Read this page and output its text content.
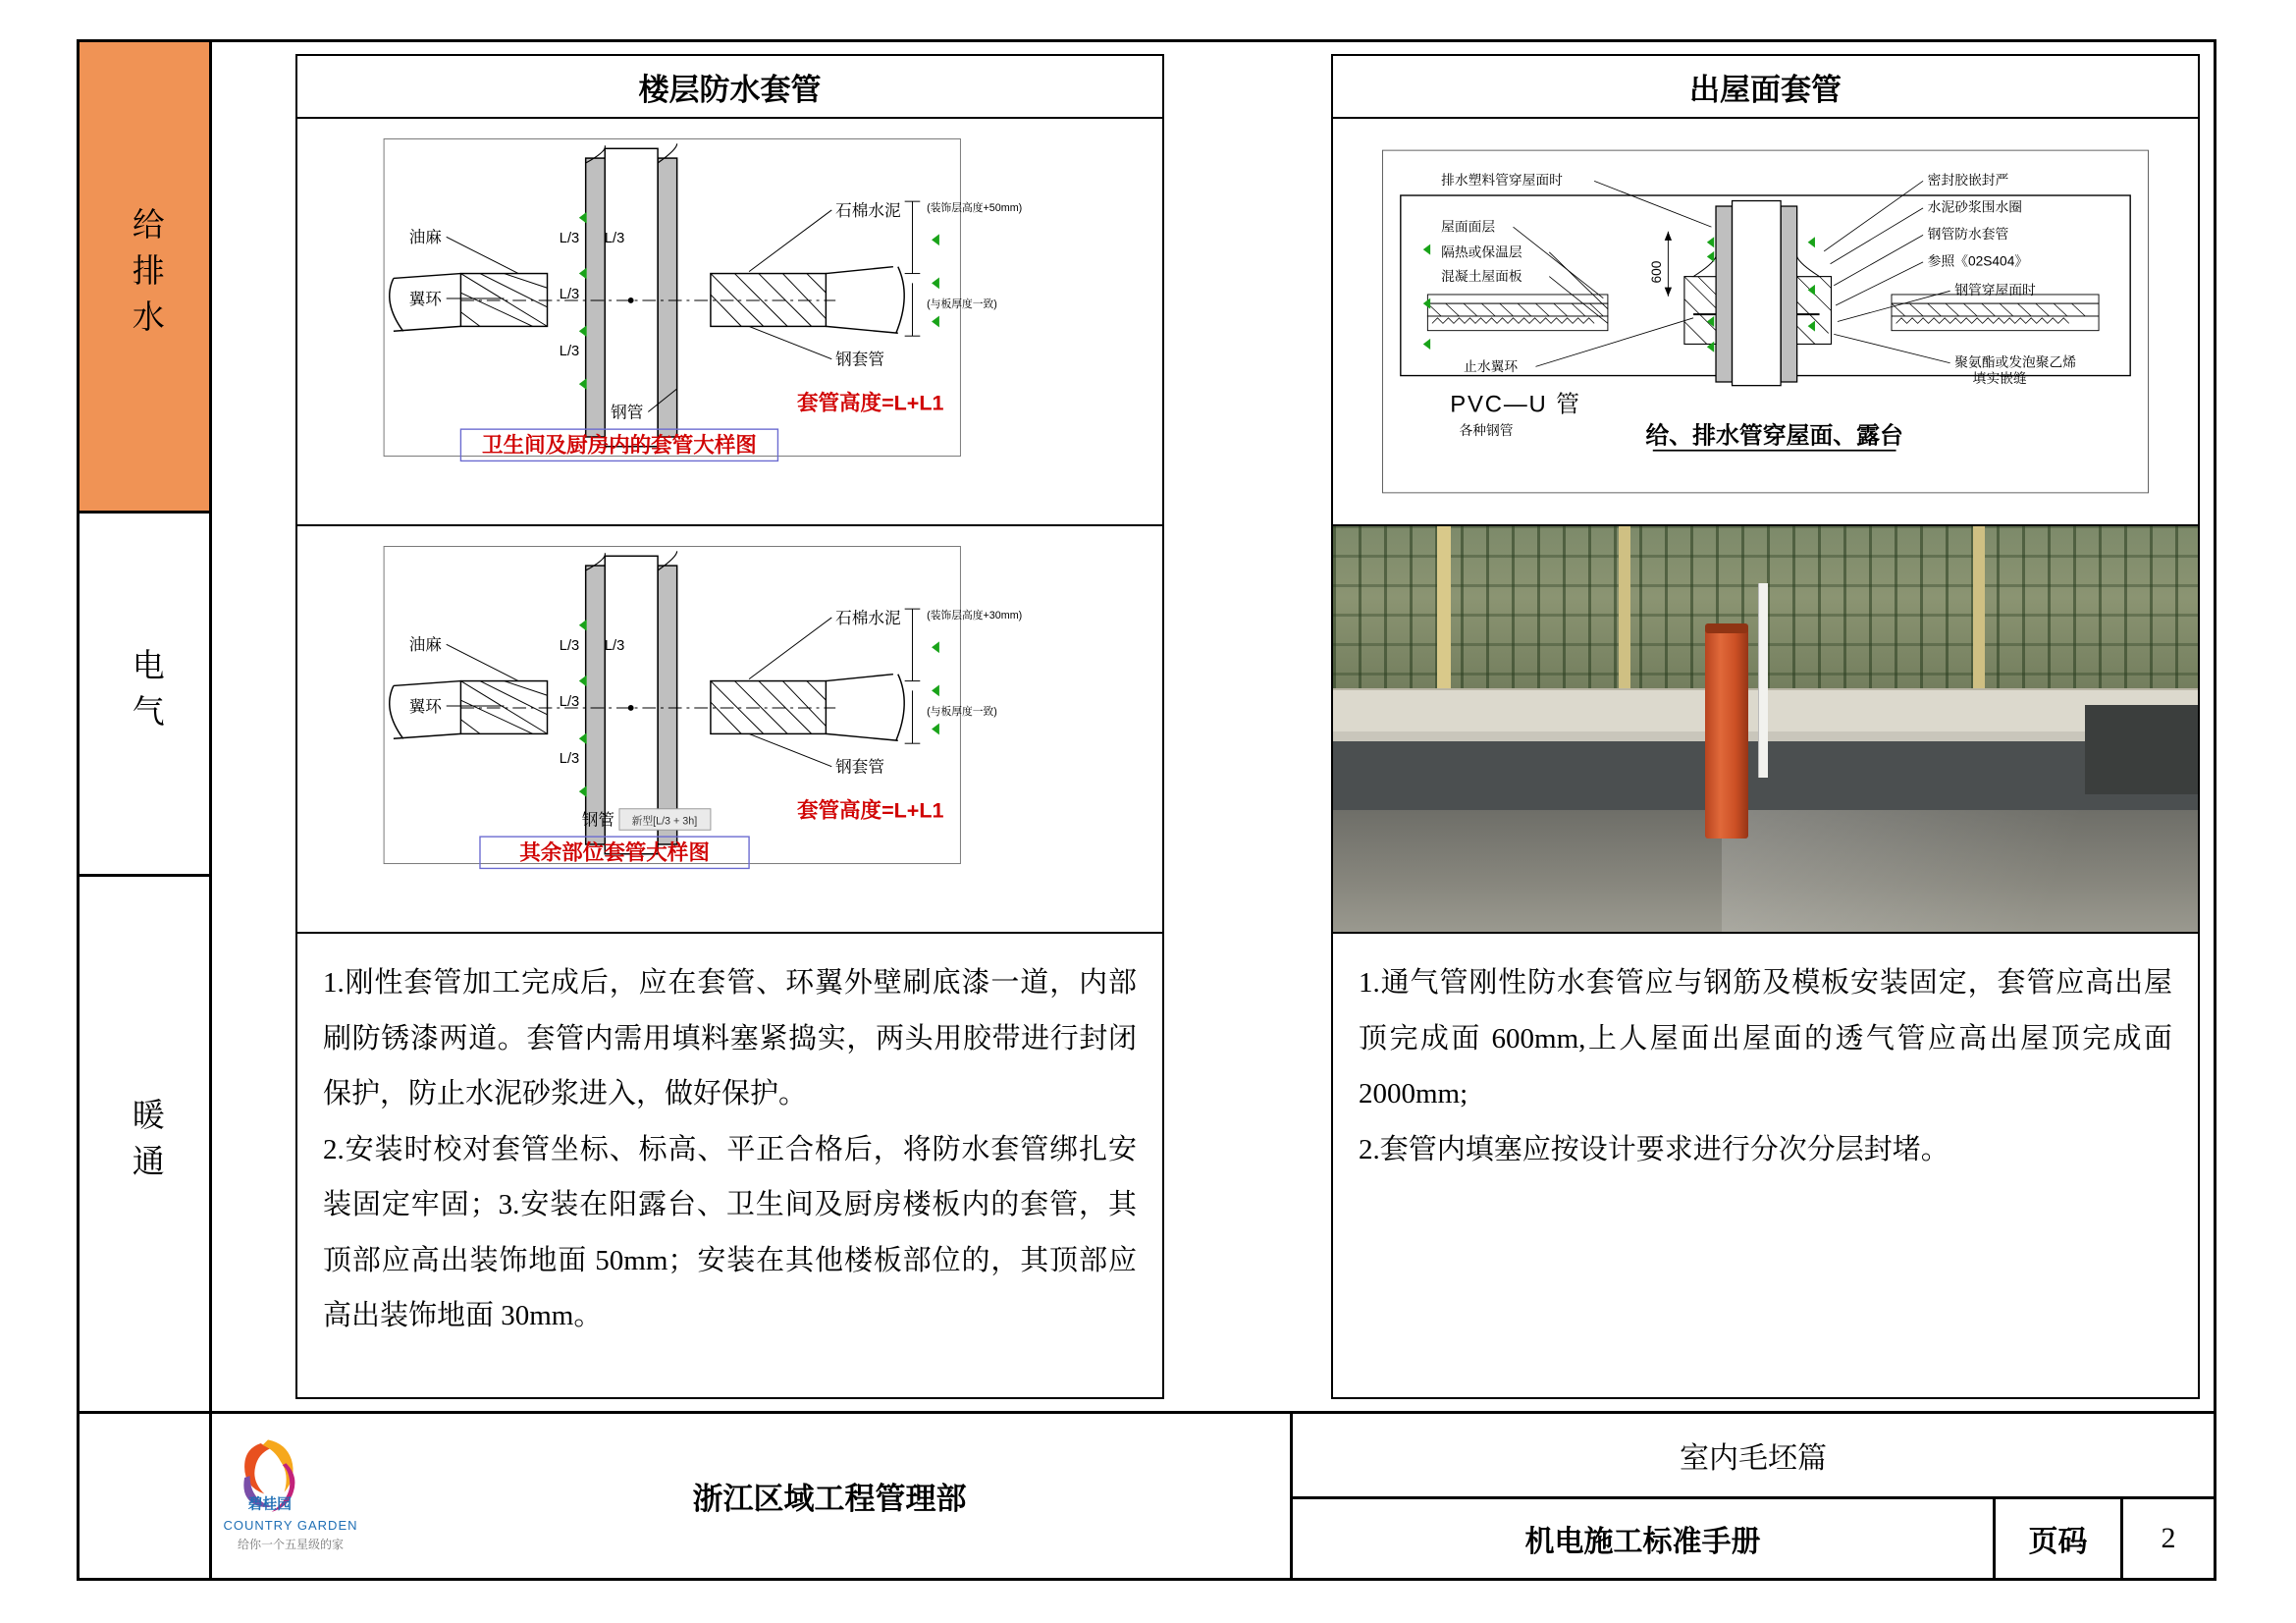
给排水
电气
暖通
楼层防水套管
L/3 L/3
L/3
L/3
油麻
翼环
钢管
石棉水泥
钢套管
(装饰层高度+50mm)
(与板厚度一致)
套管高度=L+L1
卫生间及厨房内的套管大样图
L/3 L/3
L/3
L/3
油麻
翼环
钢管 新型[L/3 + 3h]
石棉水泥
钢套管
(装饰层高度+30mm)
(与板厚度一致)
套管高度=L+L1
其余部位套管大样图

1.刚性套管加工完成后，应在套管、环翼外壁刷底漆一道，内部刷防锈漆两道。套管内需用填料塞紧捣实，两头用胶带进行封闭保护，防止水泥砂浆进入，做好保护。

2.安装时校对套管坐标、标高、平正合格后，将防水套管绑扎安装固定牢固；3.安装在阳露台、卫生间及厨房楼板内的套管，其顶部应高出装饰地面 50mm；安装在其他楼板部位的，其顶部应高出装饰地面 30mm。

出屋面套管
600
排水塑料管穿屋面时
屋面面层
隔热或保温层
混凝土屋面板
止水翼环
密封胶嵌封严
水泥砂浆围水圈
钢管防水套管
参照《02S404》
钢管穿屋面时
聚氨酯或发泡聚乙烯
填实嵌缝
PVC—U 管
各种钢管	给、排水管穿屋面、露台

1.通气管刚性防水套管应与钢筋及模板安装固定，套管应高出屋顶完成面 600mm,上人屋面出屋面的透气管应高出屋顶完成面 2000mm;

2.套管内填塞应按设计要求进行分次分层封堵。

碧桂园
COUNTRY GARDEN
给你一个五星级的家
浙江区域工程管理部
室内毛坯篇
机电施工标准手册	页码	2
